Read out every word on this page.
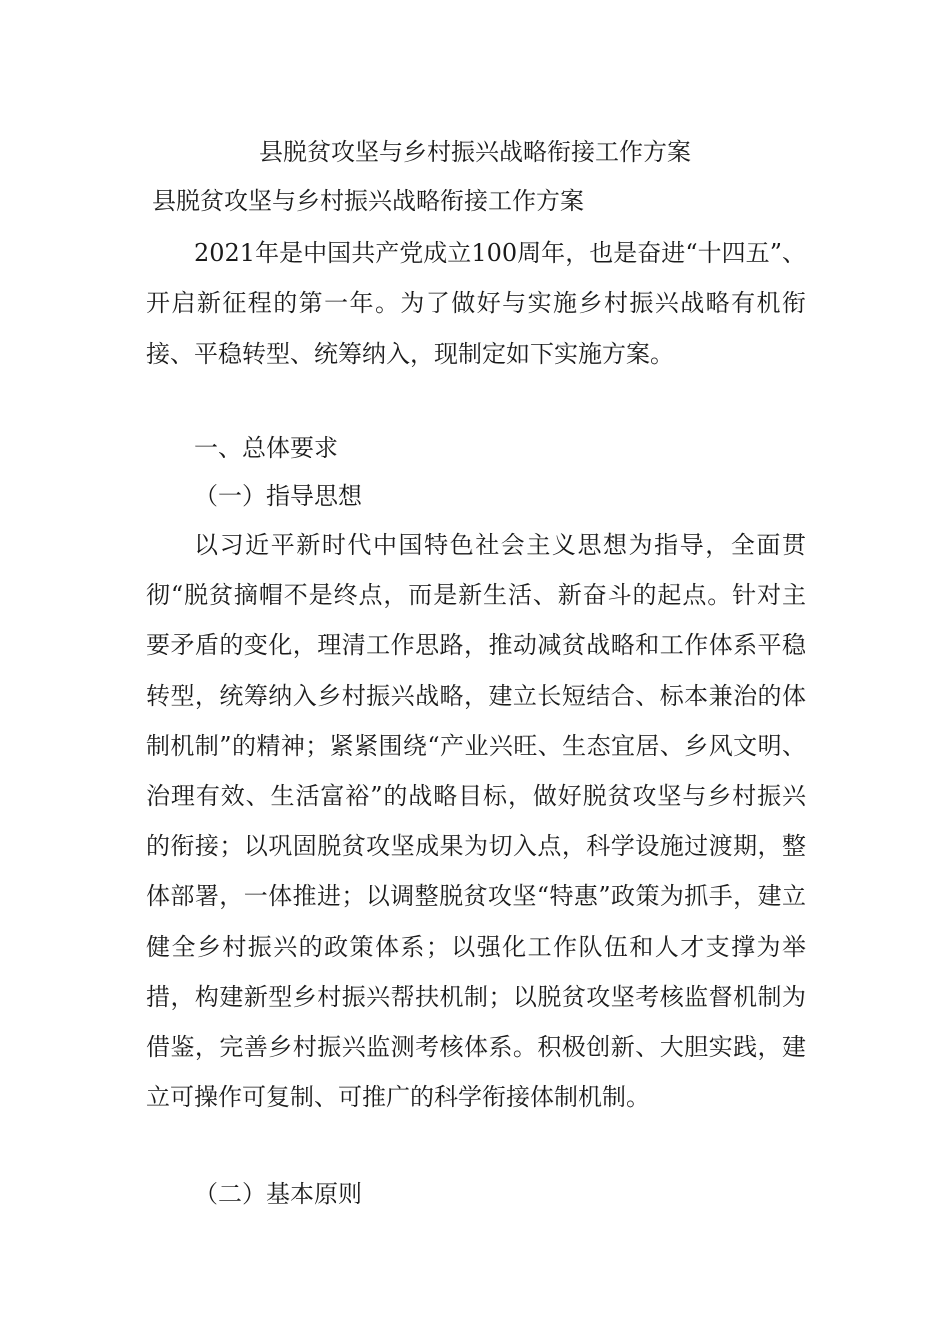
县脱贫攻坚与乡村振兴战略衔接工作方案
县脱贫攻坚与乡村振兴战略衔接工作方案
2021年是中国共产党成立100周年，也是奋进“十四五”、开启新征程的第一年。为了做好与实施乡村振兴战略有机衔接、平稳转型、统筹纳入，现制定如下实施方案。
一、总体要求
（一）指导思想
以习近平新时代中国特色社会主义思想为指导，全面贯彻“脱贫摘帽不是终点，而是新生活、新奋斗的起点。针对主要矛盾的变化，理清工作思路，推动减贫战略和工作体系平稳转型，统筹纳入乡村振兴战略，建立长短结合、标本兼治的体制机制”的精神；紧紧围绕“产业兴旺、生态宜居、乡风文明、治理有效、生活富裕”的战略目标，做好脱贫攻坚与乡村振兴的衔接；以巩固脱贫攻坚成果为切入点，科学设施过渡期，整体部署，一体推进；以调整脱贫攻坚“特惠”政策为抓手，建立健全乡村振兴的政策体系；以强化工作队伍和人才支撑为举措，构建新型乡村振兴帮扶机制；以脱贫攻坚考核监督机制为借鉴，完善乡村振兴监测考核体系。积极创新、大胆实践，建立可操作可复制、可推广的科学衔接体制机制。
（二）基本原则
